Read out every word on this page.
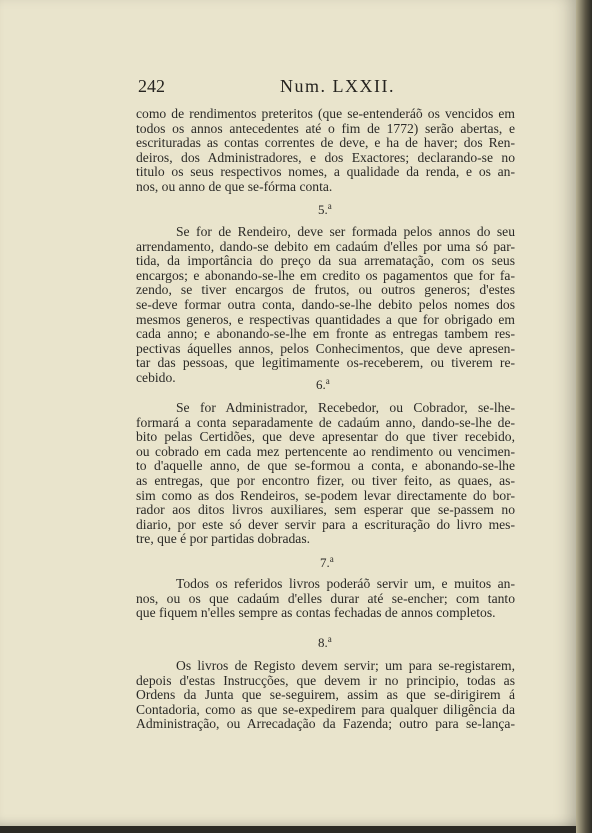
242	Num. LXXII.
como de rendimentos preteritos (que se-entenderáõ os vencidos em
todos os annos antecedentes até o fim de 1772) serão abertas, e
escrituradas as contas correntes de deve, e ha de haver; dos Ren-
deiros, dos Administradores, e dos Exactores; declarando-se no
titulo os seus respectivos nomes, a qualidade da renda, e os an-
nos, ou anno de que se-fórma conta.
5.$^a$
Se for de Rendeiro, deve ser formada pelos annos do seu
arrendamento, dando-se debito em cadaúm d'elles por uma só par-
tida, da importância do preço da sua arrematação, com os seus
encargos; e abonando-se-lhe em credito os pagamentos que for fa-
zendo, se tiver encargos de frutos, ou outros generos; d'estes
se-deve formar outra conta, dando-se-lhe debito pelos nomes dos
mesmos generos, e respectivas quantidades a que for obrigado em
cada anno; e abonando-se-lhe em fronte as entregas tambem res-
pectivas áquelles annos, pelos Conhecimentos, que deve apresen-
tar das pessoas, que legitimamente os-receberem, ou tiverem re-
cebido.	6.$^a$
Se for Administrador, Recebedor, ou Cobrador, se-lhe-
formará a conta separadamente de cadaúm anno, dando-se-lhe de-
bito pelas Certidões, que deve apresentar do que tiver recebido,
ou cobrado em cada mez pertencente ao rendimento ou vencimen-
to d'aquelle anno, de que se-formou a conta, e abonando-se-lhe
as entregas, que por encontro fizer, ou tiver feito, as quaes, as-
sim como as dos Rendeiros, se-podem levar directamente do bor-
rador aos ditos livros auxiliares, sem esperar que se-passem no
diario, por este só dever servir para a escrituração do livro mes-
tre, que é por partidas dobradas.
7.$^a$
Todos os referidos livros poderáõ servir um, e muitos an-
nos, ou os que cadaúm d'elles durar até se-encher; com tanto
que fiquem n'elles sempre as contas fechadas de annos completos.
8.$^a$
Os livros de Registo devem servir; um para se-registarem,
depois d'estas Instrucções, que devem ir no principio, todas as
Ordens da Junta que se-seguirem, assim as que se-dirigirem á
Contadoria, como as que se-expedirem para qualquer diligência da
Administração, ou Arrecadação da Fazenda; outro para se-lança-
